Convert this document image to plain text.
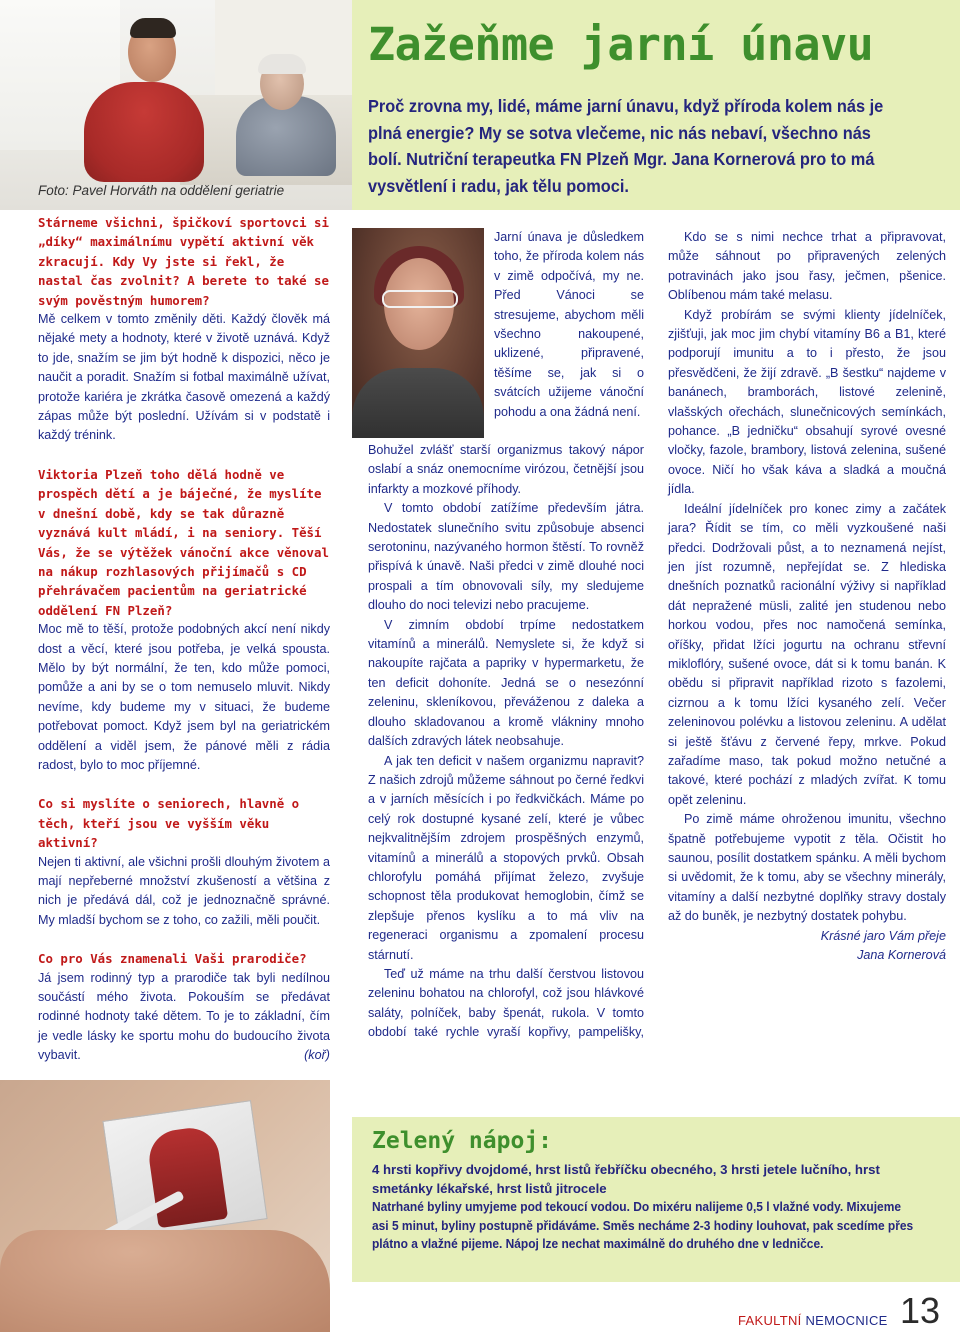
Foto: Pavel Horváth na oddělení geriatrie
Stárneme všichni, špičkoví sportovci si „díky“ maximálnímu vypětí aktivní věk zkracují. Kdy Vy jste si řekl, že nastal čas zvolnit? A berete to také se svým pověstným humorem?
Mě celkem v tomto změnily děti. Každý člověk má nějaké mety a hodnoty, které v životě uznává. Když to jde, snažím se jim být hodně k dispozici, něco je naučit a poradit. Snažím si fotbal maximálně užívat, protože kariéra je zkrátka časově omezená a každý zápas může být poslední. Užívám si v podstatě i každý trénink.
Viktoria Plzeň toho dělá hodně ve prospěch dětí a je báječné, že myslíte v dnešní době, kdy se tak důrazně vyznává kult mládí, i na seniory. Těší Vás, že se výtěžek vánoční akce věnoval na nákup rozhlasových přijímačů s CD přehrávačem pacientům na geriatrické oddělení FN Plzeň?
Moc mě to těší, protože podobných akcí není nikdy dost a věcí, které jsou potřeba, je velká spousta. Mělo by být normální, že ten, kdo může pomoci, pomůže a ani by se o tom nemuselo mluvit. Nikdy nevíme, kdy budeme my v situaci, že budeme potřebovat pomoct. Když jsem byl na geriatrickém oddělení a viděl jsem, že pánové měli z rádia radost, bylo to moc příjemné.
Co si myslíte o seniorech, hlavně o těch, kteří jsou ve vyšším věku aktivní?
Nejen ti aktivní, ale všichni prošli dlouhým životem a mají nepřeberné množství zkušeností a většina z nich je předává dál, což je jednoznačně správné. My mladší bychom se z toho, co zažili, měli poučit.
Co pro Vás znamenali Vaši prarodiče?
Já jsem rodinný typ a prarodiče tak byli nedílnou součástí mého života. Pokouším se předávat rodinné hodnoty také dětem. To je to základní, čím je vedle lásky ke sportu mohu do budoucího života vybavit.	(koř)
Zažeňme jarní únavu
Proč zrovna my, lidé, máme jarní únavu, když příroda kolem nás je plná energie? My se sotva vlečeme, nic nás nebaví, všechno nás bolí. Nutriční terapeutka FN Plzeň Mgr. Jana Kornerová pro to má vysvětlení i radu, jak tělu pomoci.

Jarní únava je důsledkem toho, že příroda kolem nás v zimě odpočívá, my ne. Před Vánoci se stresujeme, abychom měli všechno nakoupené, uklizené, připravené, těšíme se, jak si o svátcích užijeme vánoční pohodu a ona žádná není.

Bohužel zvlášť starší organizmus takový nápor oslabí a snáz onemocníme virózou, četnější jsou infarkty a mozkové příhody.

V tomto období zatížíme především játra. Nedostatek slunečního svitu způsobuje absenci serotoninu, nazývaného hormon štěstí. To rovněž přispívá k únavě. Naši předci v zimě dlouhé noci prospali a tím obnovovali síly, my sledujeme dlouho do noci televizi nebo pracujeme.

V zimním období trpíme nedostatkem vitamínů a minerálů. Nemyslete si, že když si nakoupíte rajčata a papriky v hypermarketu, že ten deficit dohoníte. Jedná se o nesezónní zeleninu, skleníkovou, převáženou z daleka a dlouho skladovanou a kromě vlákniny mnoho dalších zdravých látek neobsahuje.

A jak ten deficit v našem organizmu napravit? Z našich zdrojů můžeme sáhnout po černé ředkvi a v jarních měsících i po ředkvičkách. Máme po celý rok dostupné kysané zelí, které je vůbec nejkvalitnějším zdrojem prospěšných enzymů, vitamínů a minerálů a stopových prvků. Obsah chlorofylu pomáhá přijímat železo, zvyšuje schopnost těla produkovat hemoglobin, čímž se zlepšuje přenos kyslíku a to má vliv na regeneraci organismu a zpomalení procesu stárnutí.

Teď už máme na trhu další čerstvou listovou zeleninu bohatou na chlorofyl, což jsou hlávkové saláty, polníček, baby špenát, rukola. V tomto období také rychle vyraší kopřivy, pampelišky,

Kdo se s nimi nechce trhat a připravovat, může sáhnout po připravených zelených potravinách jako jsou řasy, ječmen, pšenice. Oblíbenou mám také melasu.

Když probírám se svými klienty jídelníček, zjišťuji, jak moc jim chybí vitamíny B6 a B1, které podporují imunitu a to i přesto, že jsou přesvědčeni, že žijí zdravě. „B šestku“ najdeme v banánech, bramborách, listové zelenině, vlašských ořechách, slunečnicových semínkách, pohance. „B jedničku“ obsahují syrové ovesné vločky, fazole, brambory, listová zelenina, sušené ovoce. Ničí ho však káva a sladká a moučná jídla.

Ideální jídelníček pro konec zimy a začátek jara? Řídit se tím, co měli vyzkoušené naši předci. Dodržovali půst, a to neznamená nejíst, jen jíst rozumně, nepřejídat se. Z hlediska dnešních poznatků racionální výživy si například dát nepražené müsli, zalité jen studenou nebo horkou vodou, přes noc namočená semínka, oříšky, přidat lžíci jogurtu na ochranu střevní mikloflóry, sušené ovoce, dát si k tomu banán. K obědu si připravit například rizoto s fazolemi, cizrnou a k tomu lžíci kysaného zelí. Večer zeleninovou polévku a listovou zeleninu. A udělat si ještě šťávu z červené řepy, mrkve. Pokud zařadíme maso, tak pokud možno netučné a takové, které pochází z mladých zvířat. K tomu opět zeleninu.

Po zimě máme ohroženou imunitu, všechno špatně potřebujeme vypotit z těla. Očistit ho saunou, posílit dostatkem spánku. A měli bychom si uvědomit, že k tomu, aby se všechny minerály, vitamíny a další nezbytné doplňky stravy dostaly až do buněk, je nezbytný dostatek pohybu.

Krásné jaro Vám přeje

Jana Kornerová

Zelený nápoj:
4 hrsti kopřivy dvojdomé, hrst listů řebříčku obecného, 3 hrsti jetele lučního, hrst smetánky lékařské, hrst listů jitrocele
Natrhané byliny umyjeme pod tekoucí vodou. Do mixéru nalijeme 0,5 l vlažné vody. Mixujeme asi 5 minut, byliny postupně přidáváme. Směs necháme 2-3 hodiny louhovat, pak scedíme přes plátno a vlažné pijeme. Nápoj lze nechat maximálně do druhého dne v ledničce.
FAKULTNÍ NEMOCNICE 13
